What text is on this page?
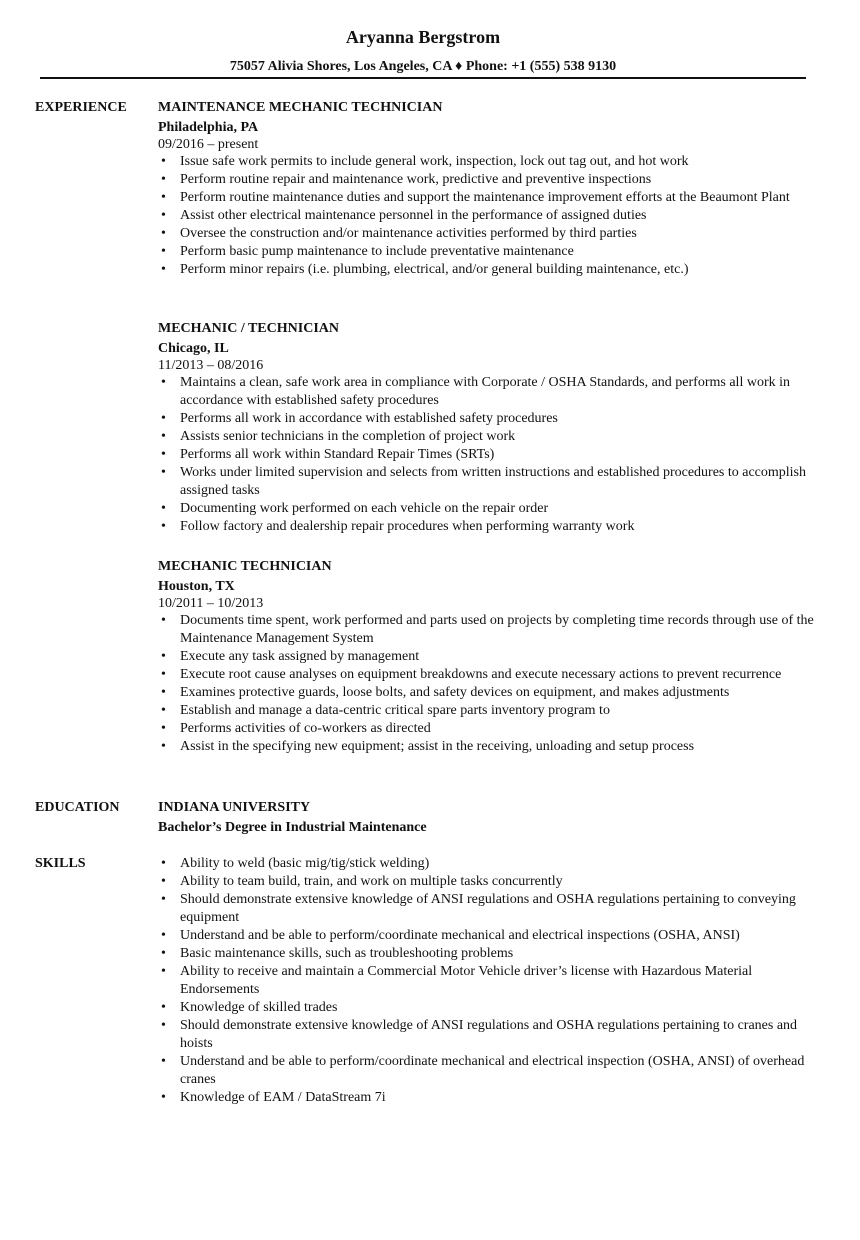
Aryanna Bergstrom
75057 Alivia Shores, Los Angeles, CA ♦ Phone: +1 (555) 538 9130
EXPERIENCE MAINTENANCE MECHANIC TECHNICIAN
Philadelphia, PA
09/2016 – present
• Issue safe work permits to include general work, inspection, lock out tag out, and hot work
• Perform routine repair and maintenance work, predictive and preventive inspections
• Perform routine maintenance duties and support the maintenance improvement efforts at the Beaumont Plant
• Assist other electrical maintenance personnel in the performance of assigned duties
• Oversee the construction and/or maintenance activities performed by third parties
• Perform basic pump maintenance to include preventative maintenance
• Perform minor repairs (i.e. plumbing, electrical, and/or general building maintenance, etc.)
MECHANIC / TECHNICIAN
Chicago, IL
11/2013 – 08/2016
• Maintains a clean, safe work area in compliance with Corporate / OSHA Standards, and performs all work in accordance with established safety procedures
• Performs all work in accordance with established safety procedures
• Assists senior technicians in the completion of project work
• Performs all work within Standard Repair Times (SRTs)
• Works under limited supervision and selects from written instructions and established procedures to accomplish assigned tasks
• Documenting work performed on each vehicle on the repair order
• Follow factory and dealership repair procedures when performing warranty work
MECHANIC TECHNICIAN
Houston, TX
10/2011 – 10/2013
• Documents time spent, work performed and parts used on projects by completing time records through use of the Maintenance Management System
• Execute any task assigned by management
• Execute root cause analyses on equipment breakdowns and execute necessary actions to prevent recurrence
• Examines protective guards, loose bolts, and safety devices on equipment, and makes adjustments
• Establish and manage a data-centric critical spare parts inventory program to
• Performs activities of co-workers as directed
• Assist in the specifying new equipment; assist in the receiving, unloading and setup process
EDUCATION	INDIANA UNIVERSITY
Bachelor’s Degree in Industrial Maintenance
SKILLS
•	Ability to weld (basic mig/tig/stick welding)
• Ability to team build, train, and work on multiple tasks concurrently
• Should demonstrate extensive knowledge of ANSI regulations and OSHA regulations pertaining to conveying equipment
• Understand and be able to perform/coordinate mechanical and electrical inspections (OSHA, ANSI)
• Basic maintenance skills, such as troubleshooting problems
• Ability to receive and maintain a Commercial Motor Vehicle driver’s license with Hazardous Material Endorsements
• Knowledge of skilled trades
• Should demonstrate extensive knowledge of ANSI regulations and OSHA regulations pertaining to cranes and hoists
• Understand and be able to perform/coordinate mechanical and electrical inspection (OSHA, ANSI) of overhead cranes
• Knowledge of EAM / DataStream 7i
